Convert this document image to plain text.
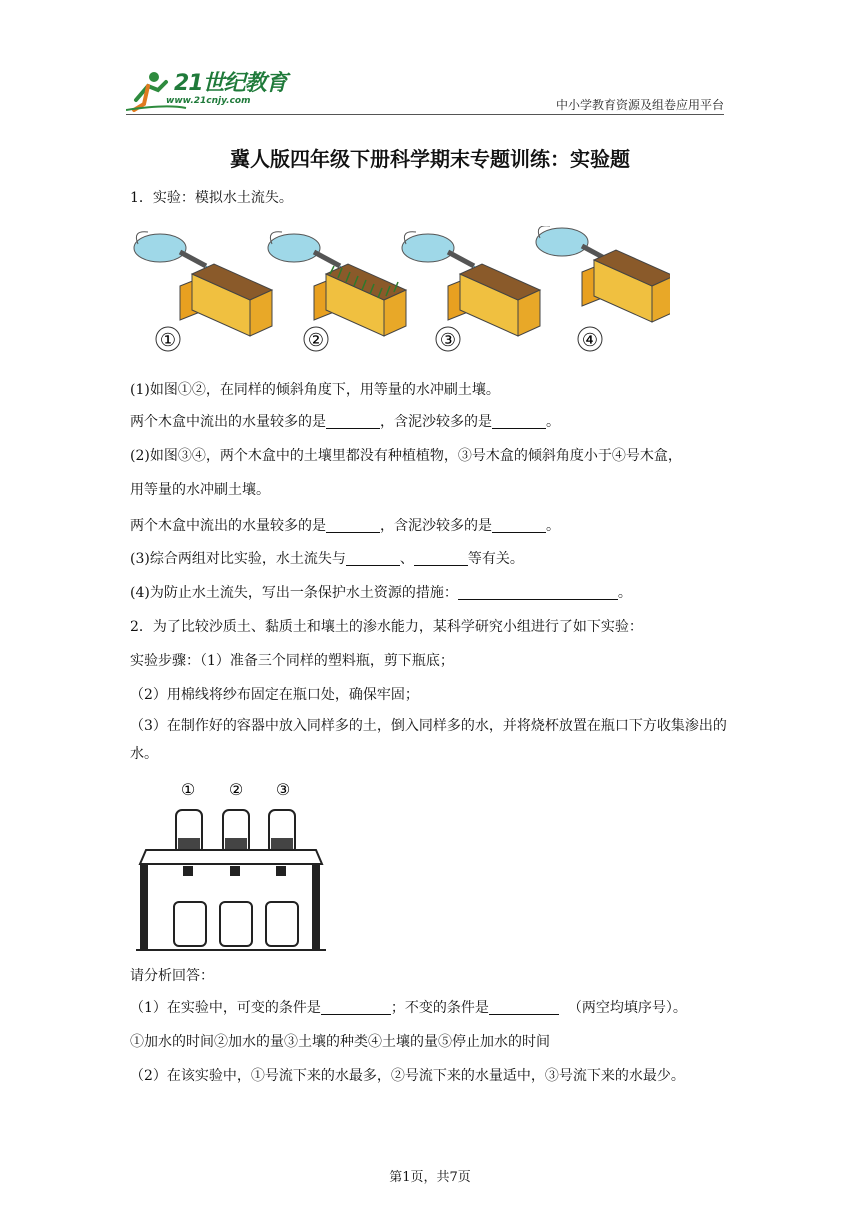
21世纪教育
www.21cnjy.com	中小学教育资源及组卷应用平台
冀人版四年级下册科学期末专题训练：实验题
1．实验：模拟水土流失。
①	②	③	④
(1)如图①②，在同样的倾斜角度下，用等量的水冲刷土壤。
两个木盒中流出的水量较多的是	，含泥沙较多的是	。
(2)如图③④，两个木盒中的土壤里都没有种植植物，③号木盒的倾斜角度小于④号木盒，
用等量的水冲刷土壤。
两个木盒中流出的水量较多的是	，含泥沙较多的是	。
(3)综合两组对比实验，水土流失与	、	等有关。
(4)为防止水土流失，写出一条保护水土资源的措施：	。
2．为了比较沙质土、黏质土和壤土的渗水能力，某科学研究小组进行了如下实验：
实验步骤：（1）准备三个同样的塑料瓶，剪下瓶底；
（2）用棉线将纱布固定在瓶口处，确保牢固；
（3）在制作好的容器中放入同样多的土，倒入同样多的水，并将烧杯放置在瓶口下方收集渗出的水。
① ② ③
请分析回答：
（1）在实验中，可变的条件是	；不变的条件是	（两空均填序号）。
①加水的时间②加水的量③土壤的种类④土壤的量⑤停止加水的时间
（2）在该实验中，①号流下来的水最多，②号流下来的水量适中，③号流下来的水最少。
第1页，共7页
